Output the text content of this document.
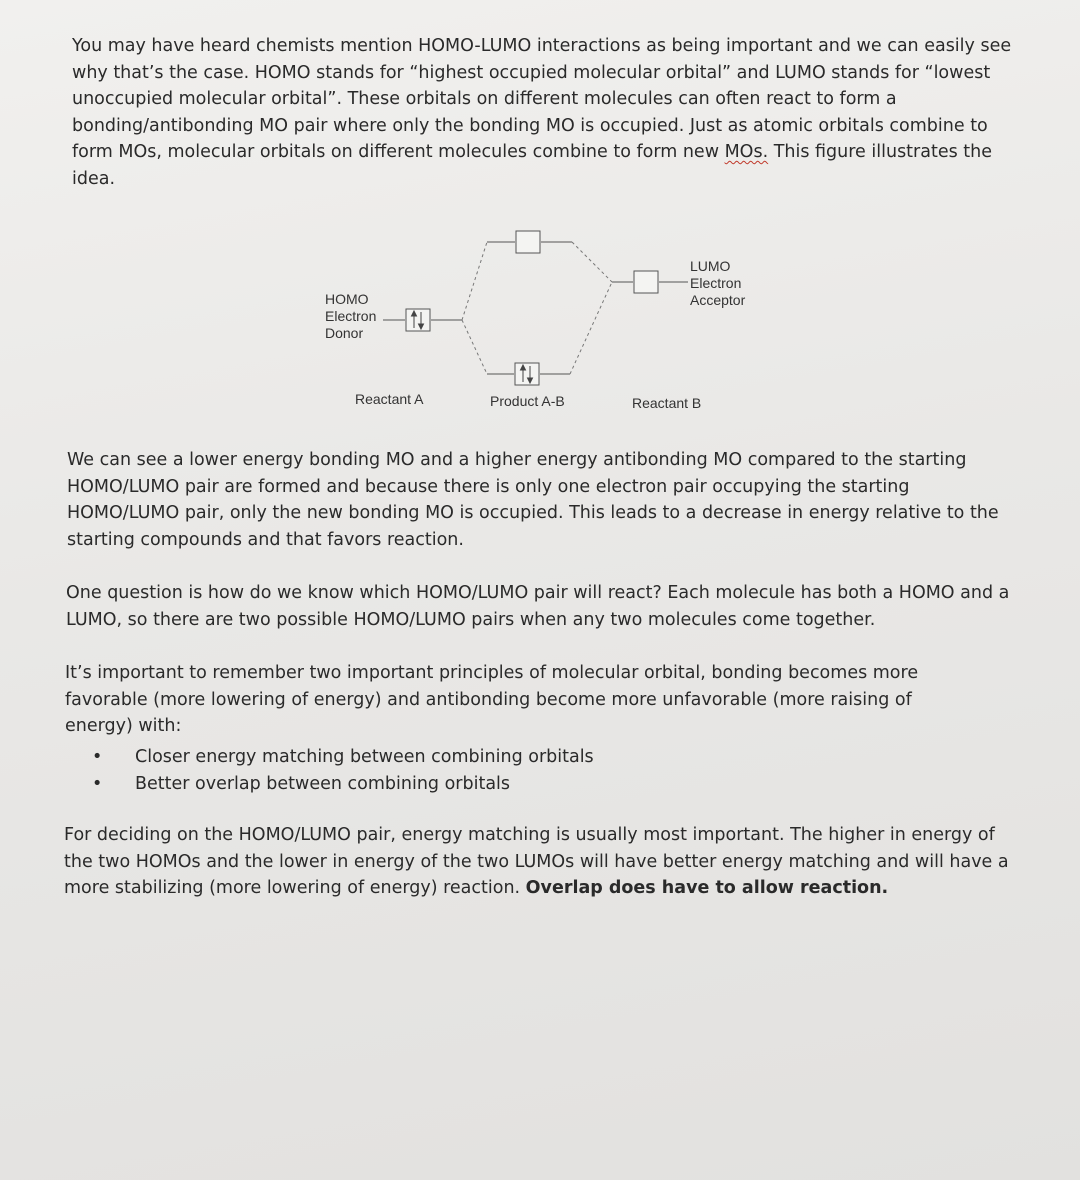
You may have heard chemists mention HOMO-LUMO interactions as being important and we can easily see why that’s the case. HOMO stands for “highest occupied molecular orbital” and LUMO stands for “lowest unoccupied molecular orbital”. These orbitals on different molecules can often react to form a bonding/antibonding MO pair where only the bonding MO is occupied. Just as atomic orbitals combine to form MOs, molecular orbitals on different molecules combine to form new MOs. This figure illustrates the idea.

HOMO
Electron
Donor
LUMO
Electron
Acceptor
Reactant A	Product A-B	Reactant B

We can see a lower energy bonding MO and a higher energy antibonding MO compared to the starting HOMO/LUMO pair are formed and because there is only one electron pair occupying the starting HOMO/LUMO pair, only the new bonding MO is occupied. This leads to a decrease in energy relative to the starting compounds and that favors reaction.

One question is how do we know which HOMO/LUMO pair will react? Each molecule has both a HOMO and a LUMO, so there are two possible HOMO/LUMO pairs when any two molecules come together.

It’s important to remember two important principles of molecular orbital, bonding becomes more favorable (more lowering of energy) and antibonding become more unfavorable (more raising of energy) with:

• Closer energy matching between combining orbitals
• Better overlap between combining orbitals

For deciding on the HOMO/LUMO pair, energy matching is usually most important. The higher in energy of the two HOMOs and the lower in energy of the two LUMOs will have better energy matching and will have a more stabilizing (more lowering of energy) reaction. Overlap does have to allow reaction.
